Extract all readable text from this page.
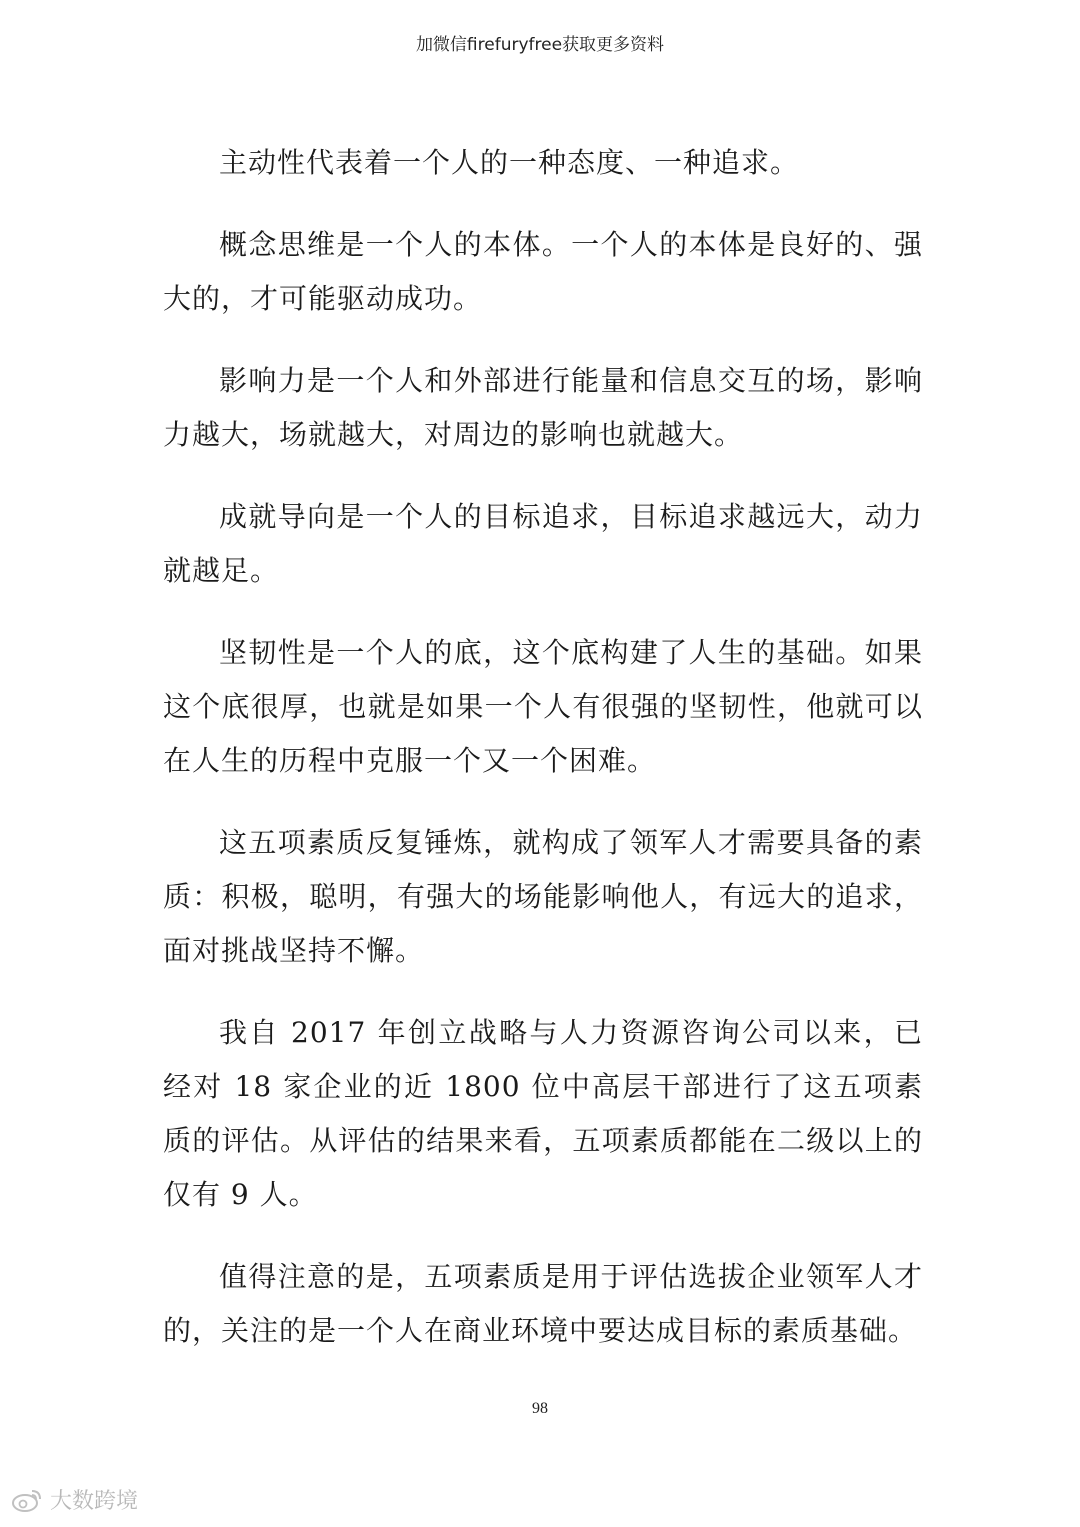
加微信firefuryfree获取更多资料

主动性代表着一个人的一种态度、一种追求。

概念思维是一个人的本体。一个人的本体是良好的、强大的，才可能驱动成功。

影响力是一个人和外部进行能量和信息交互的场，影响力越大，场就越大，对周边的影响也就越大。

成就导向是一个人的目标追求，目标追求越远大，动力就越足。

坚韧性是一个人的底，这个底构建了人生的基础。如果这个底很厚，也就是如果一个人有很强的坚韧性，他就可以在人生的历程中克服一个又一个困难。

这五项素质反复锤炼，就构成了领军人才需要具备的素质：积极，聪明，有强大的场能影响他人，有远大的追求，面对挑战坚持不懈。

我自 2017 年创立战略与人力资源咨询公司以来，已经对 18 家企业的近 1800 位中高层干部进行了这五项素质的评估。从评估的结果来看，五项素质都能在二级以上的仅有 9 人。

值得注意的是，五项素质是用于评估选拔企业领军人才的，关注的是一个人在商业环境中要达成目标的素质基础。

98
大数跨境
